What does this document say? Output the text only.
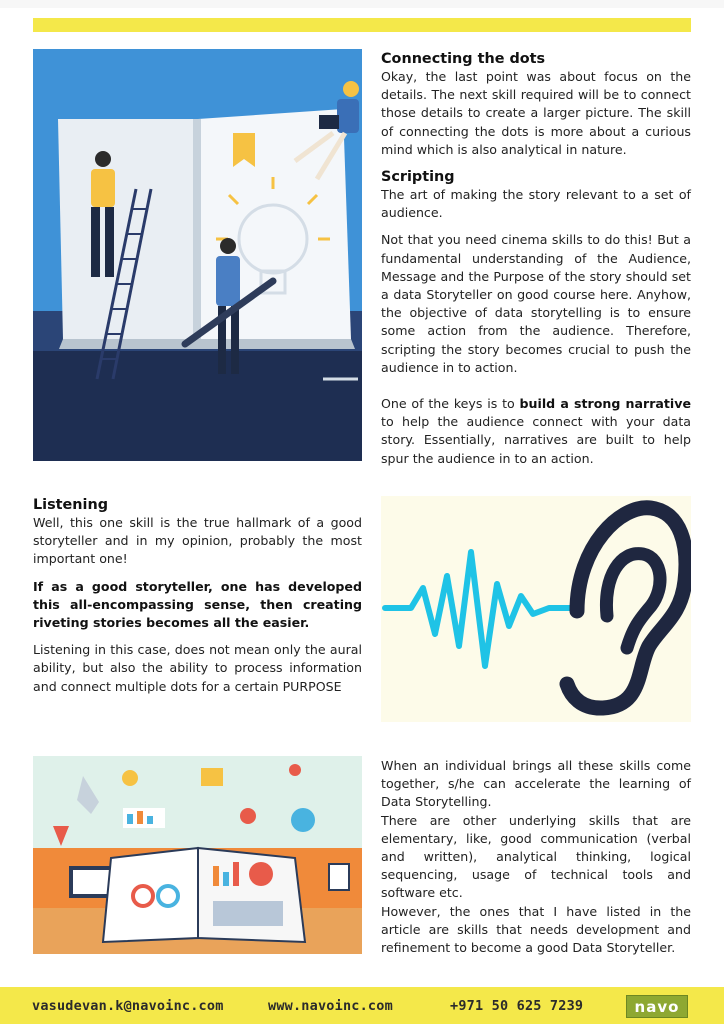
Connecting the dots

Okay, the last point was about focus on the details. The next skill required will be to connect those details to create a larger picture. The skill of connecting the dots is more about a curious mind which is also analytical in nature.

Scripting

The art of making the story relevant to a set of audience.

Not that you need cinema skills to do this! But a fundamental understanding of the Audience, Message and the Purpose of the story should set a data Storyteller on good course here. Anyhow, the objective of data storytelling is to ensure some action from the audience. Therefore, scripting the story becomes crucial to push the audience in to action.

One of the keys is to build a strong narrative to help the audience connect with your data story. Essentially, narratives are built to help spur the audience in to an action.

Listening

Well, this one skill is the true hallmark of a good storyteller and in my opinion, probably the most important one!

If as a good storyteller, one has developed this all-encompassing sense, then creating riveting stories becomes all the easier.

Listening in this case, does not mean only the aural ability, but also the ability to process information and connect multiple dots for a certain PURPOSE

When an individual brings all these skills come together, s/he can accelerate the learning of Data Storytelling.

There are other underlying skills that are elementary, like, good communication (verbal and written), analytical thinking, logical sequencing, usage of technical tools and software etc.

However, the ones that I have listed in the article are skills that needs development and refinement to become a good Data Storyteller.

vasudevan.k@navoinc.com	www.navoinc.com	+971 50 625 7239	navo
